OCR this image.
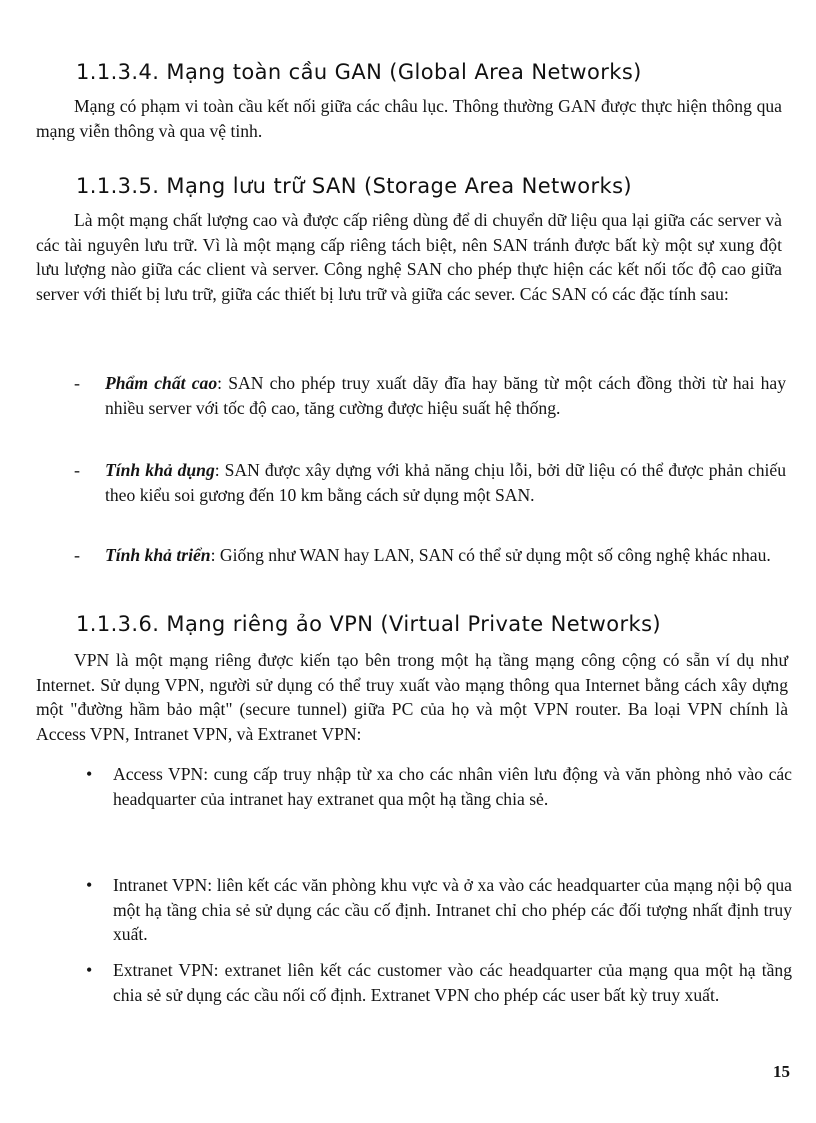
1.1.3.4. Mạng toàn cầu GAN (Global Area Networks)

Mạng có phạm vi toàn cầu kết nối giữa các châu lục. Thông thường GAN được thực hiện thông qua mạng viễn thông và qua vệ tinh.

1.1.3.5. Mạng lưu trữ SAN (Storage Area Networks)

Là một mạng chất lượng cao và được cấp riêng dùng để di chuyển dữ liệu qua lại giữa các server và các tài nguyên lưu trữ. Vì là một mạng cấp riêng tách biệt, nên SAN tránh được bất kỳ một sự xung đột lưu lượng nào giữa các client và server. Công nghệ SAN cho phép thực hiện các kết nối tốc độ cao giữa server với thiết bị lưu trữ, giữa các thiết bị lưu trữ và giữa các sever. Các SAN có các đặc tính sau:

- Phẩm chất cao: SAN cho phép truy xuất dãy đĩa hay băng từ một cách đồng thời từ hai hay nhiều server với tốc độ cao, tăng cường được hiệu suất hệ thống.

- Tính khả dụng: SAN được xây dựng với khả năng chịu lỗi, bởi dữ liệu có thể được phản chiếu theo kiểu soi gương đến 10 km bằng cách sử dụng một SAN.

- Tính khả triển: Giống như WAN hay LAN, SAN có thể sử dụng một số công nghệ khác nhau.

1.1.3.6. Mạng riêng ảo VPN (Virtual Private Networks)

VPN là một mạng riêng được kiến tạo bên trong một hạ tầng mạng công cộng có sẵn ví dụ như Internet. Sử dụng VPN, người sử dụng có thể truy xuất vào mạng thông qua Internet bằng cách xây dựng một "đường hầm bảo mật" (secure tunnel) giữa PC của họ và một VPN router. Ba loại VPN chính là Access VPN, Intranet VPN, và Extranet VPN:

• Access VPN: cung cấp truy nhập từ xa cho các nhân viên lưu động và văn phòng nhỏ vào các headquarter của intranet hay extranet qua một hạ tầng chia sẻ.

• Intranet VPN: liên kết các văn phòng khu vực và ở xa vào các headquarter của mạng nội bộ qua một hạ tầng chia sẻ sử dụng các cầu cố định. Intranet chỉ cho phép các đối tượng nhất định truy xuất.

• Extranet VPN: extranet liên kết các customer vào các headquarter của mạng qua một hạ tầng chia sẻ sử dụng các cầu nối cố định. Extranet VPN cho phép các user bất kỳ truy xuất.

15
